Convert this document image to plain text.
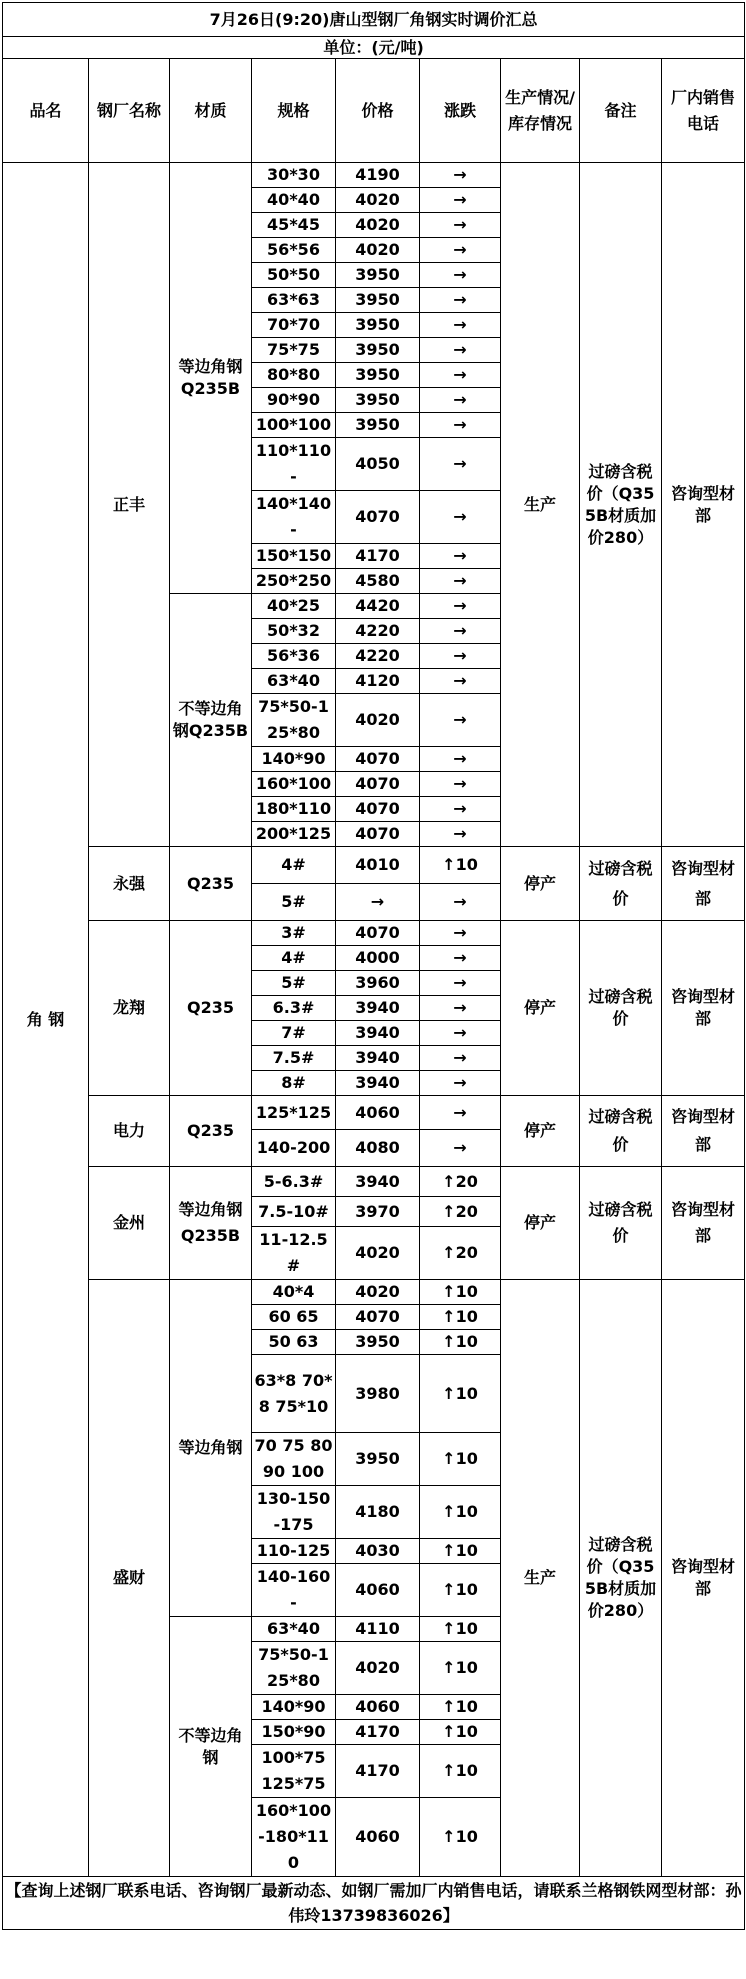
7月26日(9:20)唐山型钢厂角钢实时调价汇总								
单位：(元/吨)								
品名	钢厂名称	材质	规格	价格	涨跌	生产情况/库存情况	备注	厂内销售电话
角 钢	正丰	等边角钢Q235B	30*30	4190	→	生产	过磅含税价（Q355B材质加价280）	咨询型材部
			40*40	4020	→			
			45*45	4020	→			
			56*56	4020	→			
			50*50	3950	→			
			63*63	3950	→			
			70*70	3950	→			
			75*75	3950	→			
			80*80	3950	→			
			90*90	3950	→			
			100*100	3950	→			
			110*110-	4050	→			
			140*140-	4070	→			
			150*150	4170	→			
			250*250	4580	→			
		不等边角钢Q235B	40*25	4420	→			
			50*32	4220	→			
			56*36	4220	→			
			63*40	4120	→			
			75*50-125*80	4020	→			
			140*90	4070	→			
			160*100	4070	→			
			180*110	4070	→			
			200*125	4070	→			
	永强	Q235	4#	4010	↑10	停产	过磅含税价	咨询型材部
			5#	→	→			
	龙翔	Q235	3#	4070	→	停产	过磅含税价	咨询型材部
			4#	4000	→			
			5#	3960	→			
			6.3#	3940	→			
			7#	3940	→			
			7.5#	3940	→			
			8#	3940	→			
	电力	Q235	125*125	4060	→	停产	过磅含税价	咨询型材部
			140-200	4080	→			
	金州	等边角钢Q235B	5-6.3#	3940	↑20	停产	过磅含税价	咨询型材部
			7.5-10#	3970	↑20			
			11-12.5#	4020	↑20			
	盛财	等边角钢	40*4	4020	↑10	生产	过磅含税价（Q355B材质加价280）	咨询型材部
			60 65	4070	↑10			
			50 63	3950	↑10			
			63*8 70*8 75*10	3980	↑10			
			70 75 80 90 100	3950	↑10			
			130-150-175	4180	↑10			
			110-125	4030	↑10			
			140-160-	4060	↑10			
		不等边角钢	63*40	4110	↑10			
			75*50-125*80	4020	↑10			
			140*90	4060	↑10			
			150*90	4170	↑10			
			100*75 125*75	4170	↑10			
			160*100-180*110	4060	↑10			
【查询上述钢厂联系电话、咨询钢厂最新动态、如钢厂需加厂内销售电话，请联系兰格钢铁网型材部：孙伟玲13739836026】								
